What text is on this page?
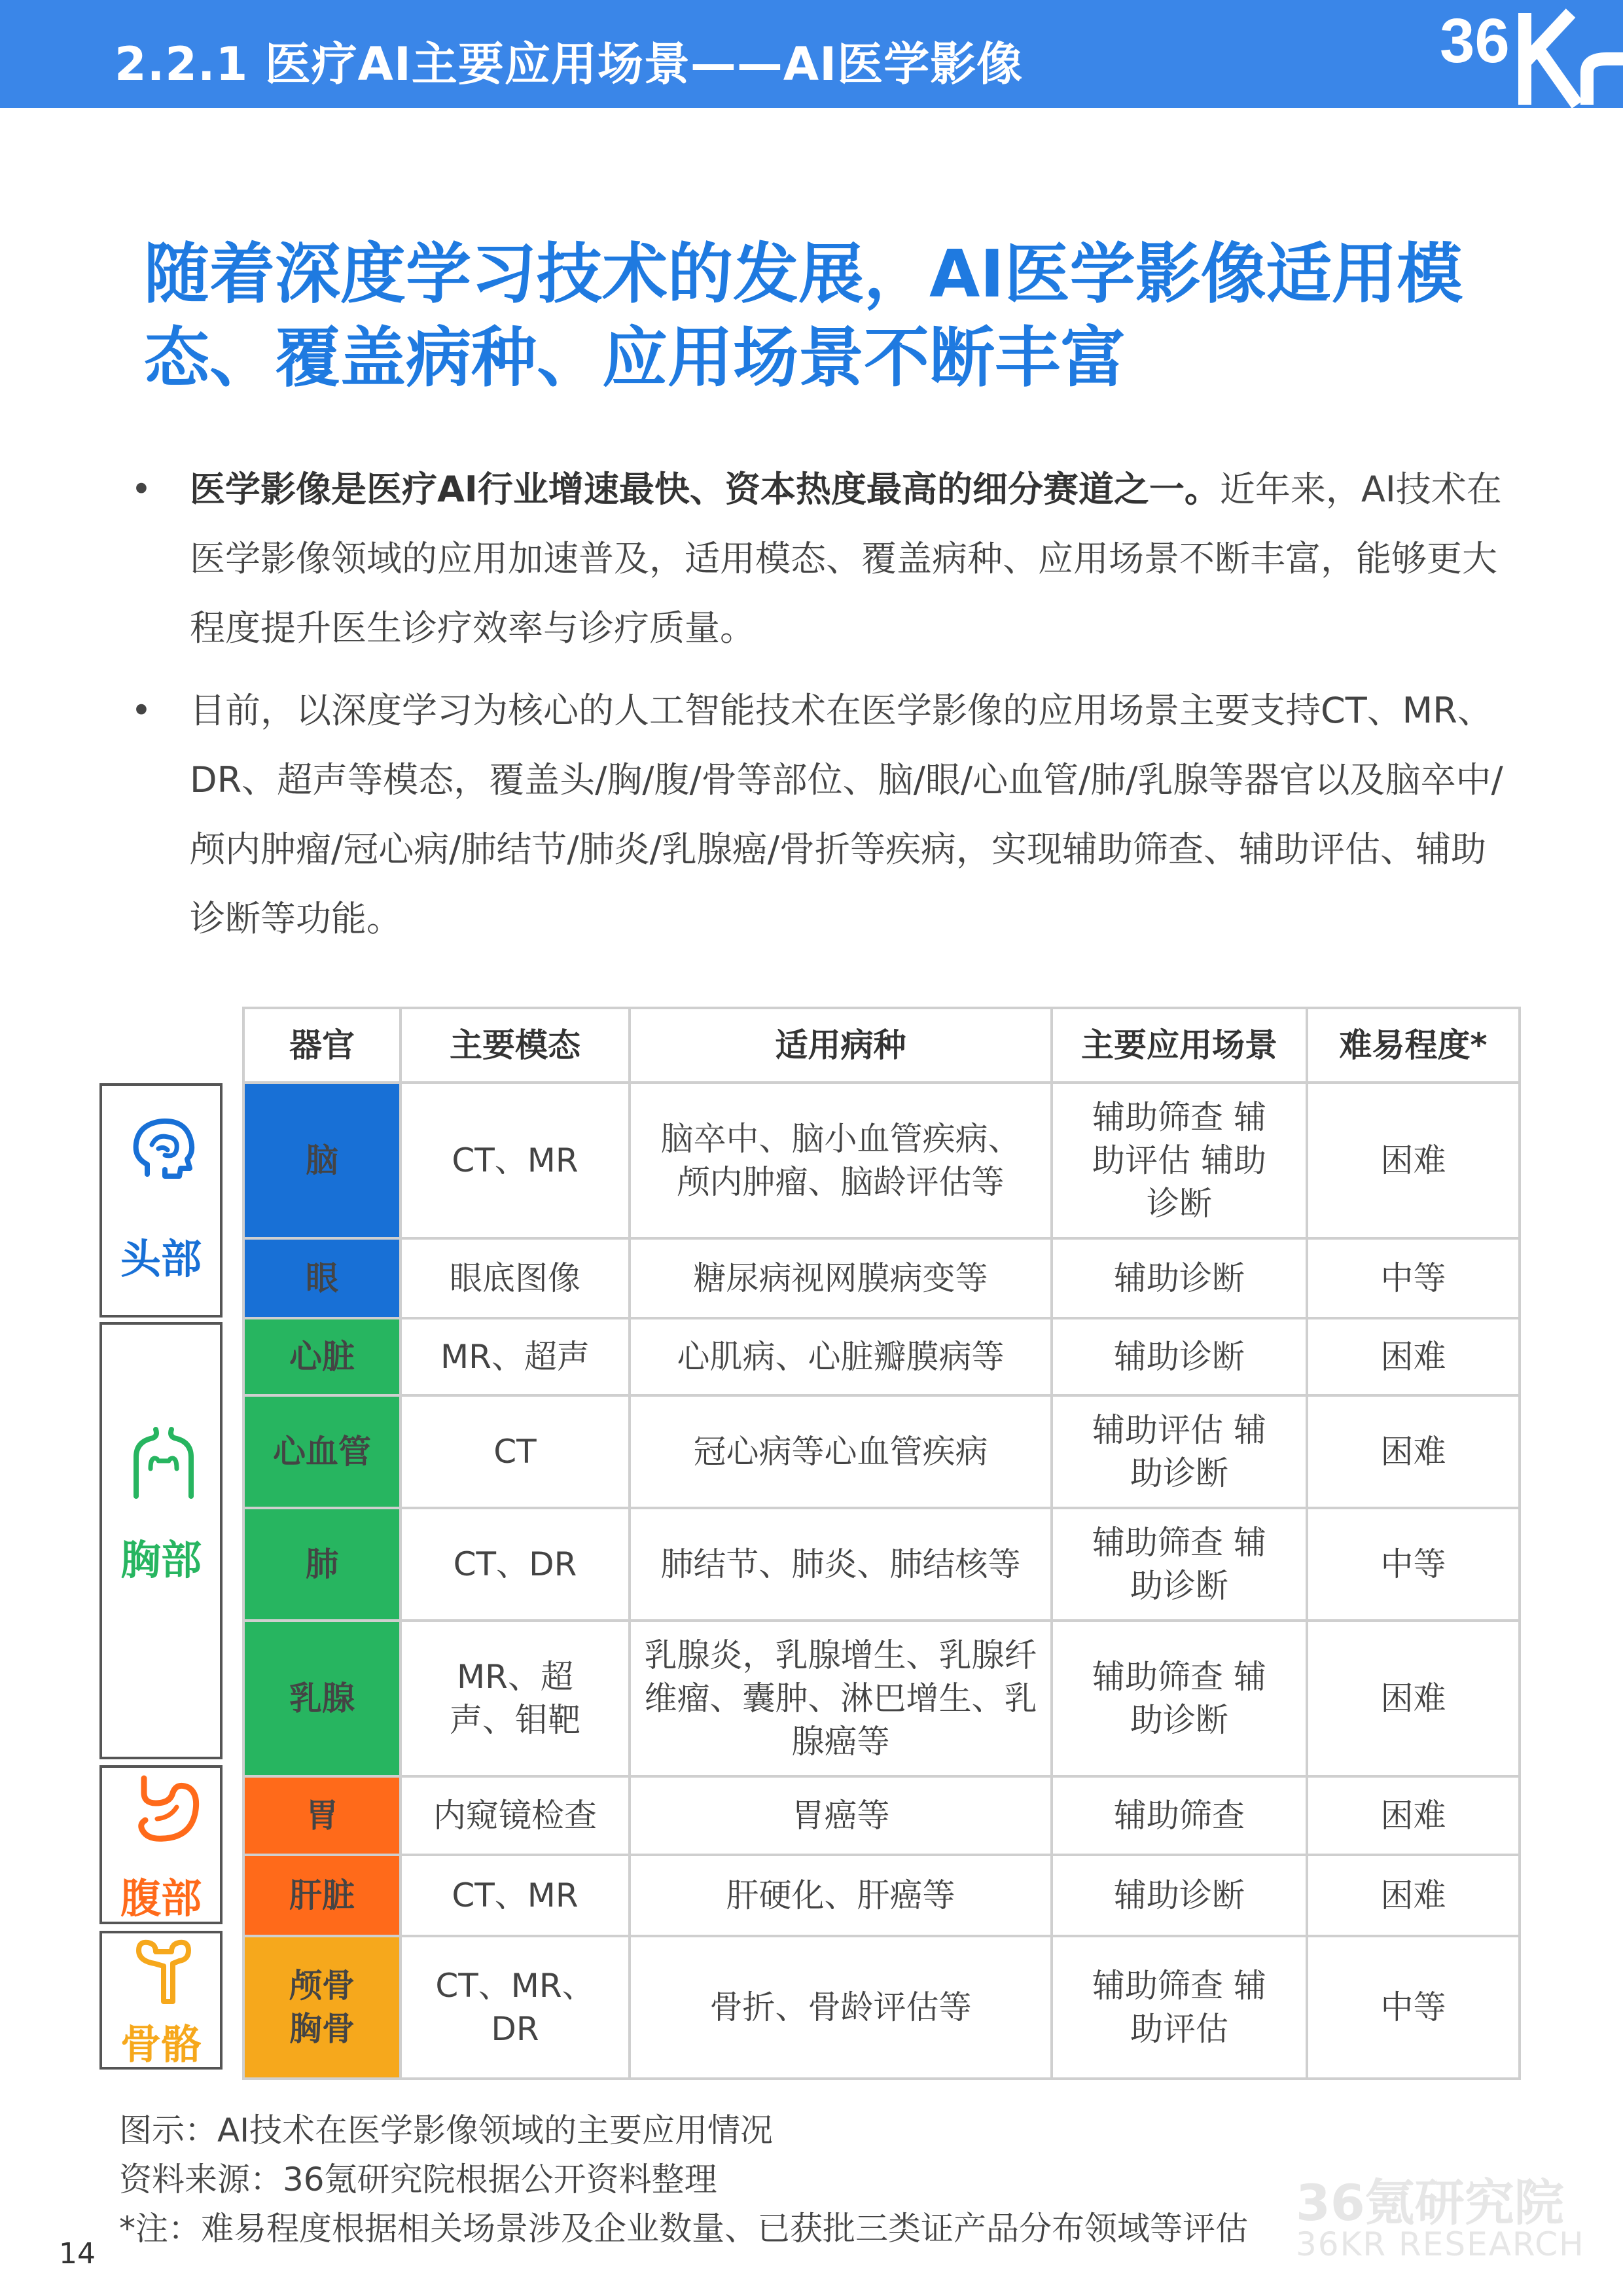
2.2.1 医疗AI主要应用场景——AI医学影像	36
随着深度学习技术的发展，AI医学影像适用模态、覆盖病种、应用场景不断丰富
• 医学影像是医疗AI行业增速最快、资本热度最高的细分赛道之一。近年来，AI技术在医学影像领域的应用加速普及，适用模态、覆盖病种、应用场景不断丰富，能够更大程度提升医生诊疗效率与诊疗质量。
• 目前，以深度学习为核心的人工智能技术在医学影像的应用场景主要支持CT、MR、DR、超声等模态，覆盖头/胸/腹/骨等部位、脑/眼/心血管/肺/乳腺等器官以及脑卒中/颅内肿瘤/冠心病/肺结节/肺炎/乳腺癌/骨折等疾病，实现辅助筛查、辅助评估、辅助诊断等功能。
头部
胸部
腹部
骨骼
器官	主要模态	适用病种	主要应用场景	难易程度*
脑	CT、MR	脑卒中、脑小血管疾病、颅内肿瘤、脑龄评估等	辅助筛查 辅助评估 辅助诊断	困难
眼	眼底图像	糖尿病视网膜病变等	辅助诊断	中等
心脏	MR、超声	心肌病、心脏瓣膜病等	辅助诊断	困难
心血管	CT	冠心病等心血管疾病	辅助评估 辅助诊断	困难
肺	CT、DR	肺结节、肺炎、肺结核等	辅助筛查 辅助诊断	中等
乳腺	MR、超声、钼靶	乳腺炎，乳腺增生、乳腺纤维瘤、囊肿、淋巴增生、乳腺癌等	辅助筛查 辅助诊断	困难
胃	内窥镜检查	胃癌等	辅助筛查	困难
肝脏	CT、MR	肝硬化、肝癌等	辅助诊断	困难
颅骨 胸骨	CT、MR、DR	骨折、骨龄评估等	辅助筛查 辅助评估	中等
图示：AI技术在医学影像领域的主要应用情况
资料来源：36氪研究院根据公开资料整理
*注：难易程度根据相关场景涉及企业数量、已获批三类证产品分布领域等评估 36氪研究院
36KR RESEARCH
14
